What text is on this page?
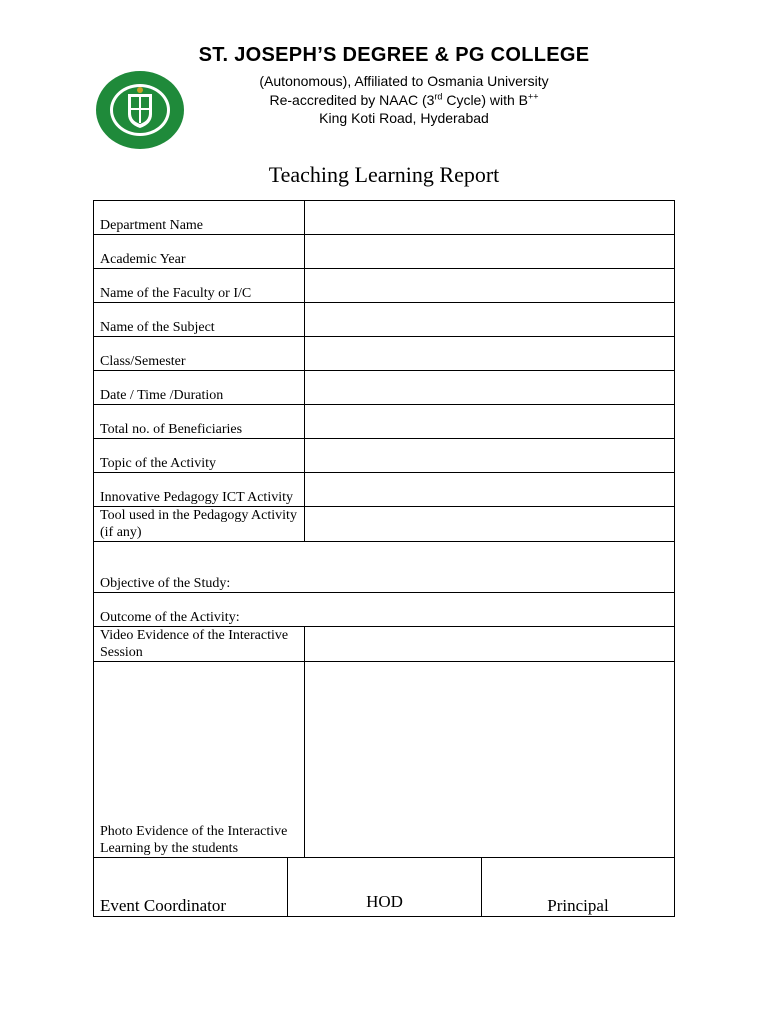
ST. JOSEPH’S DEGREE & PG COLLEGE
(Autonomous), Affiliated to Osmania University
Re-accredited by NAAC (3rd Cycle) with B++
King Koti Road, Hyderabad
Teaching Learning Report
Department Name	
Academic Year	
Name of the Faculty or I/C	
Name of the Subject	
Class/Semester	
Date / Time /Duration	
Total no. of Beneficiaries	
Topic of the Activity	
Innovative Pedagogy ICT Activity	
Tool used in the Pedagogy Activity (if any)	
Objective of the Study:	
Outcome of the Activity:	
Video Evidence of the Interactive Session	
Photo Evidence of the Interactive Learning by the students	
Event Coordinator	HOD	Principal
